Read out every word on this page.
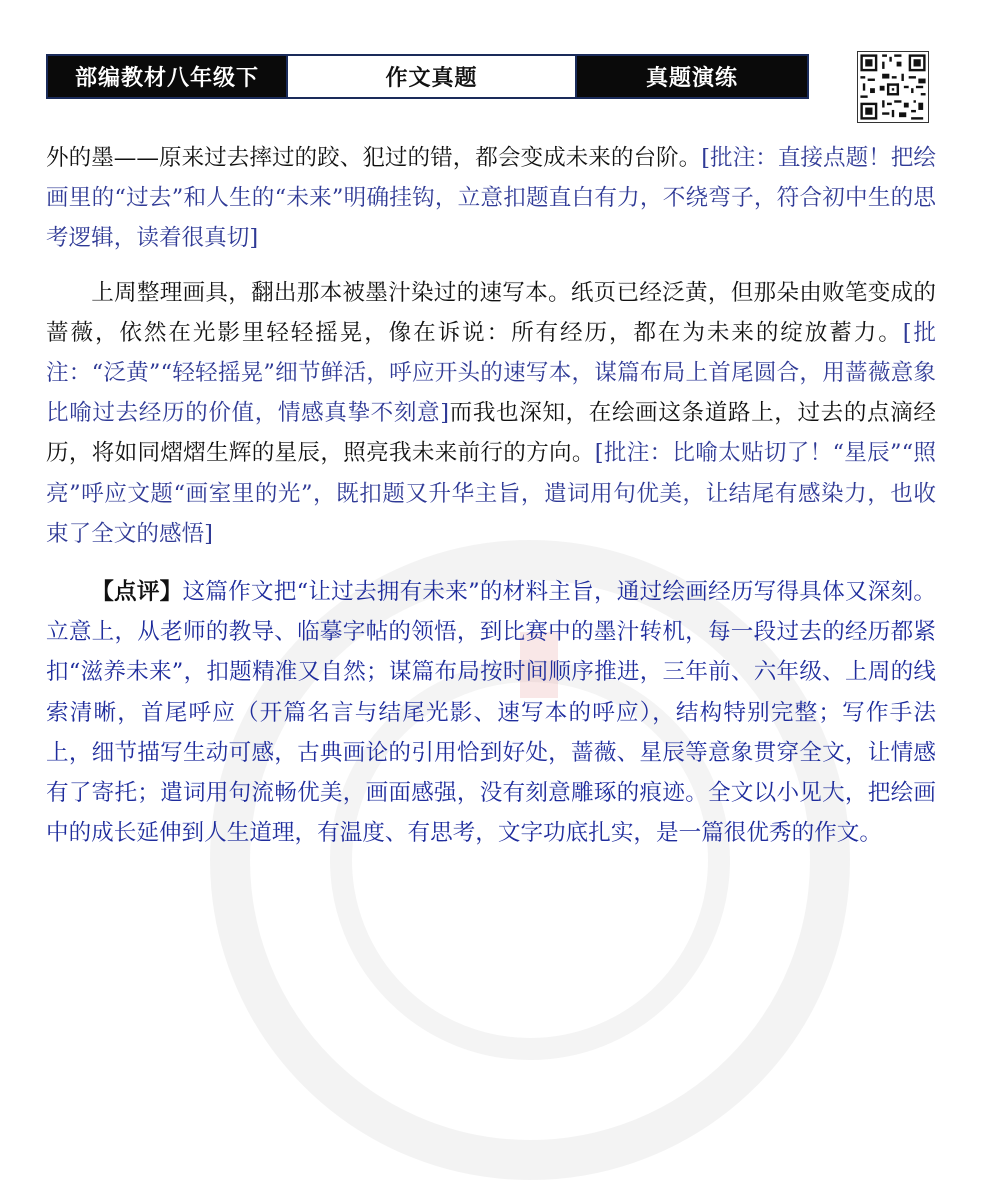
部编教材八年级下	作文真题	真题演练

外的墨——原来过去摔过的跤、犯过的错，都会变成未来的台阶。[批注：直接点题！把绘画里的“过去”和人生的“未来”明确挂钩，立意扣题直白有力，不绕弯子，符合初中生的思考逻辑，读着很真切]

上周整理画具，翻出那本被墨汁染过的速写本。纸页已经泛黄，但那朵由败笔变成的蔷薇，依然在光影里轻轻摇晃，像在诉说：所有经历，都在为未来的绽放蓄力。[批注：“泛黄”“轻轻摇晃”细节鲜活，呼应开头的速写本，谋篇布局上首尾圆合，用蔷薇意象比喻过去经历的价值，情感真挚不刻意]而我也深知，在绘画这条道路上，过去的点滴经历，将如同熠熠生辉的星辰，照亮我未来前行的方向。[批注：比喻太贴切了！“星辰”“照亮”呼应文题“画室里的光”，既扣题又升华主旨，遣词用句优美，让结尾有感染力，也收束了全文的感悟]

【点评】这篇作文把“让过去拥有未来”的材料主旨，通过绘画经历写得具体又深刻。立意上，从老师的教导、临摹字帖的领悟，到比赛中的墨汁转机，每一段过去的经历都紧扣“滋养未来”，扣题精准又自然；谋篇布局按时间顺序推进，三年前、六年级、上周的线索清晰，首尾呼应（开篇名言与结尾光影、速写本的呼应），结构特别完整；写作手法上，细节描写生动可感，古典画论的引用恰到好处，蔷薇、星辰等意象贯穿全文，让情感有了寄托；遣词用句流畅优美，画面感强，没有刻意雕琢的痕迹。全文以小见大，把绘画中的成长延伸到人生道理，有温度、有思考，文字功底扎实，是一篇很优秀的作文。
